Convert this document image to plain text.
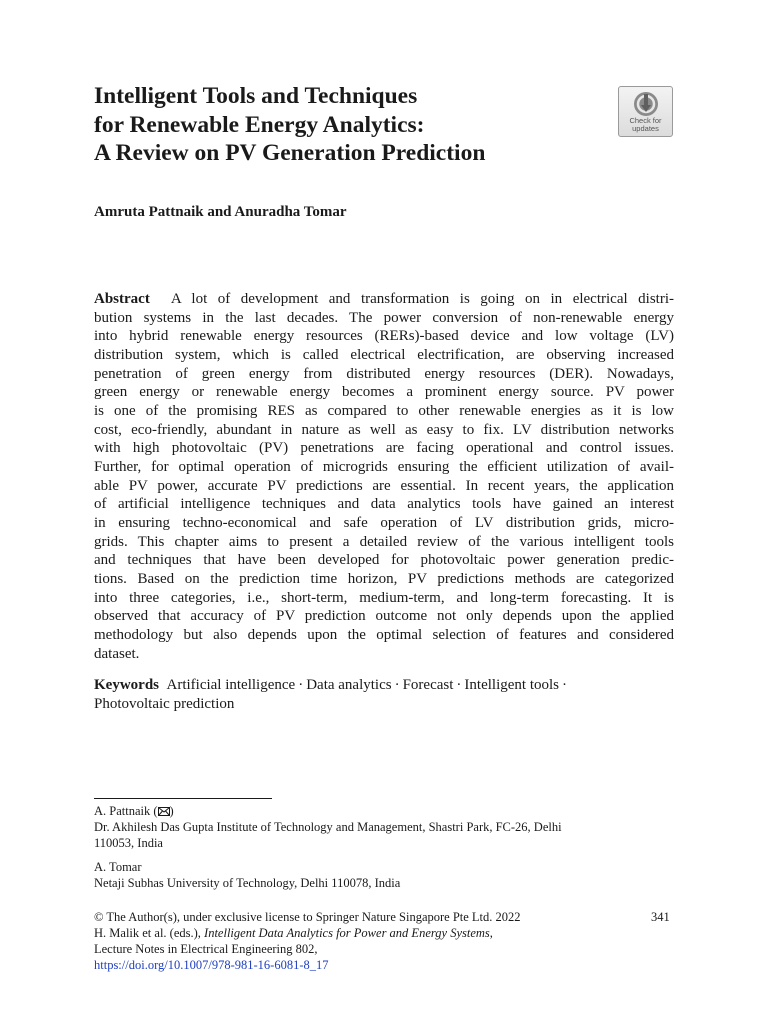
Intelligent Tools and Techniques
for Renewable Energy Analytics:
A Review on PV Generation Prediction
Check for
updates
Amruta Pattnaik and Anuradha Tomar
Abstract A lot of development and transformation is going on in electrical distri-
bution systems in the last decades. The power conversion of non-renewable energy
into hybrid renewable energy resources (RERs)-based device and low voltage (LV)
distribution system, which is called electrical electrification, are observing increased
penetration of green energy from distributed energy resources (DER). Nowadays,
green energy or renewable energy becomes a prominent energy source. PV power
is one of the promising RES as compared to other renewable energies as it is low
cost, eco-friendly, abundant in nature as well as easy to fix. LV distribution networks
with high photovoltaic (PV) penetrations are facing operational and control issues.
Further, for optimal operation of microgrids ensuring the efficient utilization of avail-
able PV power, accurate PV predictions are essential. In recent years, the application
of artificial intelligence techniques and data analytics tools have gained an interest
in ensuring techno-economical and safe operation of LV distribution grids, micro-
grids. This chapter aims to present a detailed review of the various intelligent tools
and techniques that have been developed for photovoltaic power generation predic-
tions. Based on the prediction time horizon, PV predictions methods are categorized
into three categories, i.e., short-term, medium-term, and long-term forecasting. It is
observed that accuracy of PV prediction outcome not only depends upon the applied
methodology but also depends upon the optimal selection of features and considered
dataset.
Keywords Artificial intelligence · Data analytics · Forecast · Intelligent tools ·
Photovoltaic prediction
A. Pattnaik ( )
Dr. Akhilesh Das Gupta Institute of Technology and Management, Shastri Park, FC-26, Delhi
110053, India
A. Tomar
Netaji Subhas University of Technology, Delhi 110078, India
© The Author(s), under exclusive license to Springer Nature Singapore Pte Ltd. 2022
H. Malik et al. (eds.), Intelligent Data Analytics for Power and Energy Systems,
Lecture Notes in Electrical Engineering 802,
https://doi.org/10.1007/978-981-16-6081-8_17
341
